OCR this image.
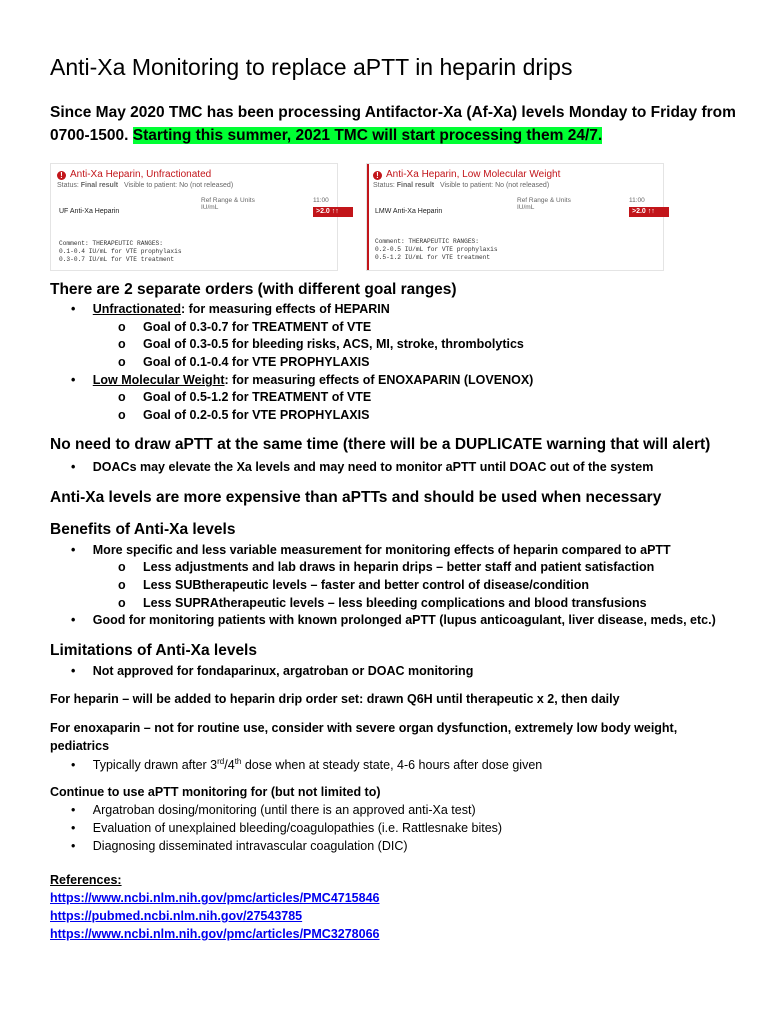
Anti-Xa Monitoring to replace aPTT in heparin drips

Since May 2020 TMC has been processing Antifactor-Xa (Af-Xa) levels Monday to Friday from 0700-1500. Starting this summer, 2021 TMC will start processing them 24/7.

! Anti-Xa Heparin, Unfractionated
Status: Final result Visible to patient: No (not released)
Ref Range & Units	11:00
IU/mL
UF Anti-Xa Heparin	>2.0 ↑↑
Comment: THERAPEUTIC RANGES:
0.1-0.4 IU/mL for VTE prophylaxis
0.3-0.7 IU/mL for VTE treatment
! Anti-Xa Heparin, Low Molecular Weight
Status: Final result Visible to patient: No (not released)
Ref Range & Units	11:00
IU/mL
LMW Anti-Xa Heparin	>2.0 ↑↑
Comment: THERAPEUTIC RANGES:
0.2-0.5 IU/mL for VTE prophylaxis
0.5-1.2 IU/mL for VTE treatment
There are 2 separate orders (with different goal ranges)
• Unfractionated: for measuring effects of HEPARIN
o Goal of 0.3-0.7 for TREATMENT of VTE
o Goal of 0.3-0.5 for bleeding risks, ACS, MI, stroke, thrombolytics
o Goal of 0.1-0.4 for VTE PROPHYLAXIS
• Low Molecular Weight: for measuring effects of ENOXAPARIN (LOVENOX)
o Goal of 0.5-1.2 for TREATMENT of VTE
o Goal of 0.2-0.5 for VTE PROPHYLAXIS
No need to draw aPTT at the same time (there will be a DUPLICATE warning that will alert)
• DOACs may elevate the Xa levels and may need to monitor aPTT until DOAC out of the system
Anti-Xa levels are more expensive than aPTTs and should be used when necessary
Benefits of Anti-Xa levels
• More specific and less variable measurement for monitoring effects of heparin compared to aPTT
o Less adjustments and lab draws in heparin drips – better staff and patient satisfaction
o Less SUBtherapeutic levels – faster and better control of disease/condition
o Less SUPRAtherapeutic levels – less bleeding complications and blood transfusions
• Good for monitoring patients with known prolonged aPTT (lupus anticoagulant, liver disease, meds, etc.)
Limitations of Anti-Xa levels
• Not approved for fondaparinux, argatroban or DOAC monitoring
For heparin – will be added to heparin drip order set: drawn Q6H until therapeutic x 2, then daily
For enoxaparin – not for routine use, consider with severe organ dysfunction, extremely low body weight,
pediatrics
• Typically drawn after 3rd/4th dose when at steady state, 4-6 hours after dose given
Continue to use aPTT monitoring for (but not limited to)
• Argatroban dosing/monitoring (until there is an approved anti-Xa test)
• Evaluation of unexplained bleeding/coagulopathies (i.e. Rattlesnake bites)
• Diagnosing disseminated intravascular coagulation (DIC)
References:
https://www.ncbi.nlm.nih.gov/pmc/articles/PMC4715846
https://pubmed.ncbi.nlm.nih.gov/27543785
https://www.ncbi.nlm.nih.gov/pmc/articles/PMC3278066
